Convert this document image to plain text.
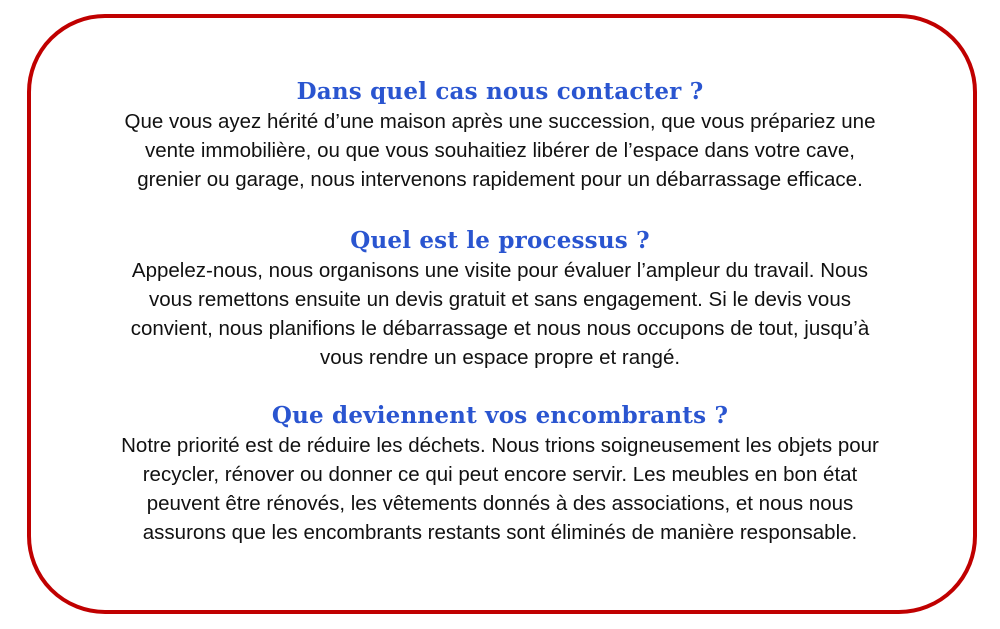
Dans quel cas nous contacter ?

Que vous ayez hérité d’une maison après une succession, que vous prépariez une
vente immobilière, ou que vous souhaitiez libérer de l’espace dans votre cave,
grenier ou garage, nous intervenons rapidement pour un débarrassage efficace.

Quel est le processus ?

Appelez-nous, nous organisons une visite pour évaluer l’ampleur du travail. Nous
vous remettons ensuite un devis gratuit et sans engagement. Si le devis vous
convient, nous planifions le débarrassage et nous nous occupons de tout, jusqu’à
vous rendre un espace propre et rangé.

Que deviennent vos encombrants ?

Notre priorité est de réduire les déchets. Nous trions soigneusement les objets pour
recycler, rénover ou donner ce qui peut encore servir. Les meubles en bon état
peuvent être rénovés, les vêtements donnés à des associations, et nous nous
assurons que les encombrants restants sont éliminés de manière responsable.
